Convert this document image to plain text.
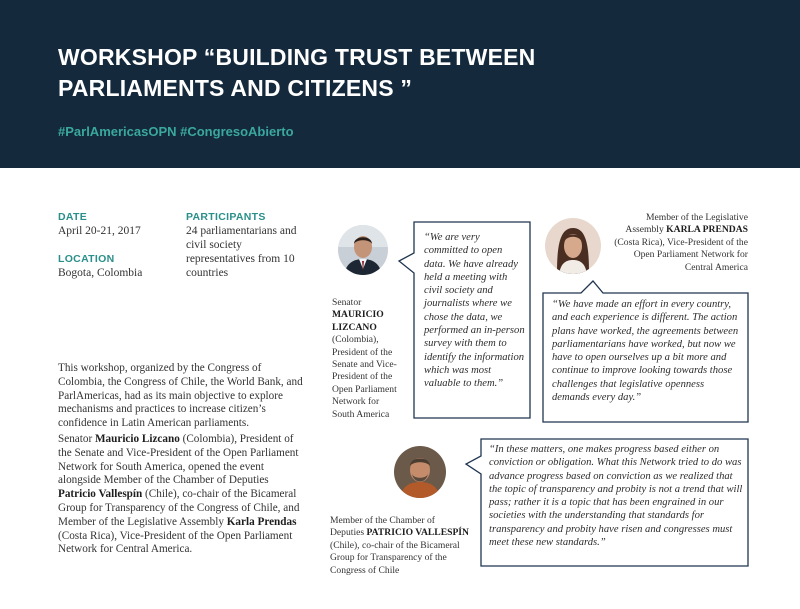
WORKSHOP “BUILDING TRUST BETWEEN
PARLIAMENTS AND CITIZENS ”
#ParlAmericasOPN #CongresoAbierto
DATE
April 20-21, 2017
LOCATION
Bogota, Colombia
PARTICIPANTS
24 parliamentarians and civil society representatives from 10 countries
This workshop, organized by the Congress of Colombia, the Congress of Chile, the World Bank, and ParlAmericas, had as its main objective to explore mechanisms and practices to increase citizen’s confidence in Latin American parliaments.
Senator Mauricio Lizcano (Colombia), President of the Senate and Vice-President of the Open Parliament Network for South America, opened the event alongside Member of the Chamber of Deputies Patricio Vallespín (Chile), co-chair of the Bicameral Group for Transparency of the Congress of Chile, and Member of the Legislative Assembly Karla Prendas (Costa Rica), Vice-President of the Open Parliament Network for Central America.
Senator
MAURICIO
LIZCANO
(Colombia), President of the Senate and Vice-President of the Open Parliament Network for South America
“We are very committed to open data. We have already held a meeting with civil society and journalists where we chose the data, we performed an in-person survey with them to identify the information which was most valuable to them.”
Member of the Legislative Assembly KARLA PRENDAS (Costa Rica), Vice-President of the Open Parliament Network for Central America
“We have made an effort in every country, and each experience is different. The action plans have worked, the agreements between parliamentarians have worked, but now we have to open ourselves up a bit more and continue to improve looking towards those challenges that legislative openness demands every day.”
Member of the Chamber of Deputies PATRICIO VALLESPÍN (Chile), co-chair of the Bicameral Group for Transparency of the Congress of Chile
“In these matters, one makes progress based either on conviction or obligation. What this Network tried to do was advance progress based on conviction as we realized that the topic of transparency and probity is not a trend that will pass; rather it is a topic that has been engrained in our societies with the understanding that standards for transparency and probity have risen and congresses must meet these new standards.”
